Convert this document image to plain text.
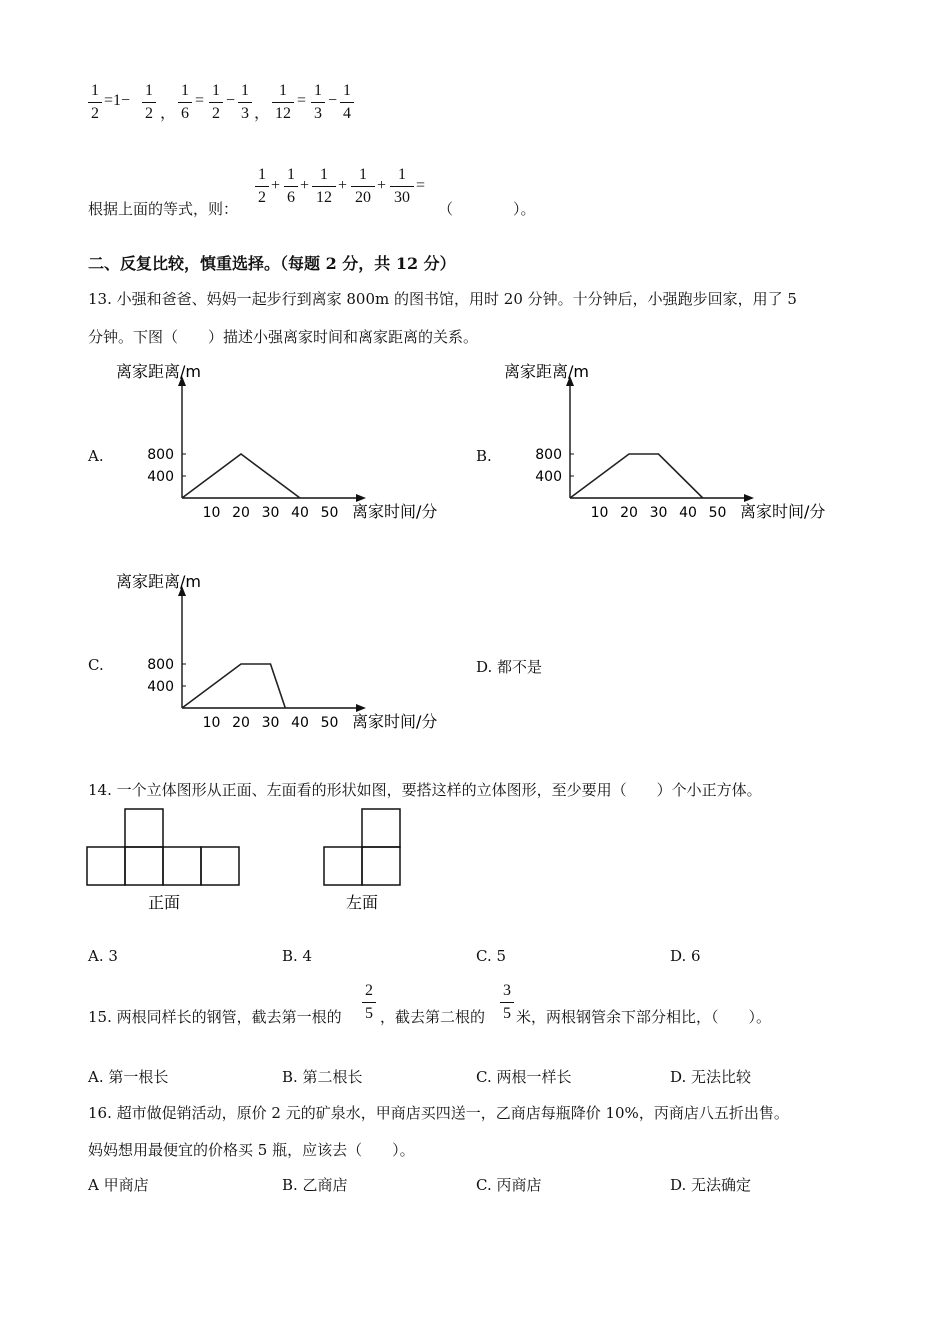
1
2
=1−
1
2 ，
1
6
=
1
2
−
1
3 ，
1
12
=
1
3
−
1
4
根据上面的等式，则：
1
2
+
1
6
+
1
12
+
1
20
+
1
30
=
（　　　　）。
二、反复比较，慎重选择。（每题 2 分，共 12 分）
13. 小强和爸爸、妈妈一起步行到离家 800m 的图书馆，用时 20 分钟。十分钟后，小强跑步回家，用了 5
分钟。下图（　　）描述小强离家时间和离家距离的关系。
A.	B.
C.	D. 都不是
离家距离/m
离家时间/分
800
400
10 20 30 40 50
离家距离/m
离家时间/分
800
400
10 20 30 40 50
离家距离/m
离家时间/分
800
400
10 20 30 40 50
14. 一个立体图形从正面、左面看的形状如图，要搭这样的立体图形，至少要用（　　）个小正方体。
正面	左面
A. 3	B. 4	C. 5	D. 6
15. 两根同样长的钢管，截去第一根的
2
5 ，截去第二根的
3
5 米，两根钢管余下部分相比，（　　）。
A. 第一根长	B. 第二根长	C. 两根一样长	D. 无法比较
16. 超市做促销活动，原价 2 元的矿泉水，甲商店买四送一，乙商店每瓶降价 10%，丙商店八五折出售。
妈妈想用最便宜的价格买 5 瓶，应该去（　　）。
A 甲商店	B. 乙商店	C. 丙商店	D. 无法确定
